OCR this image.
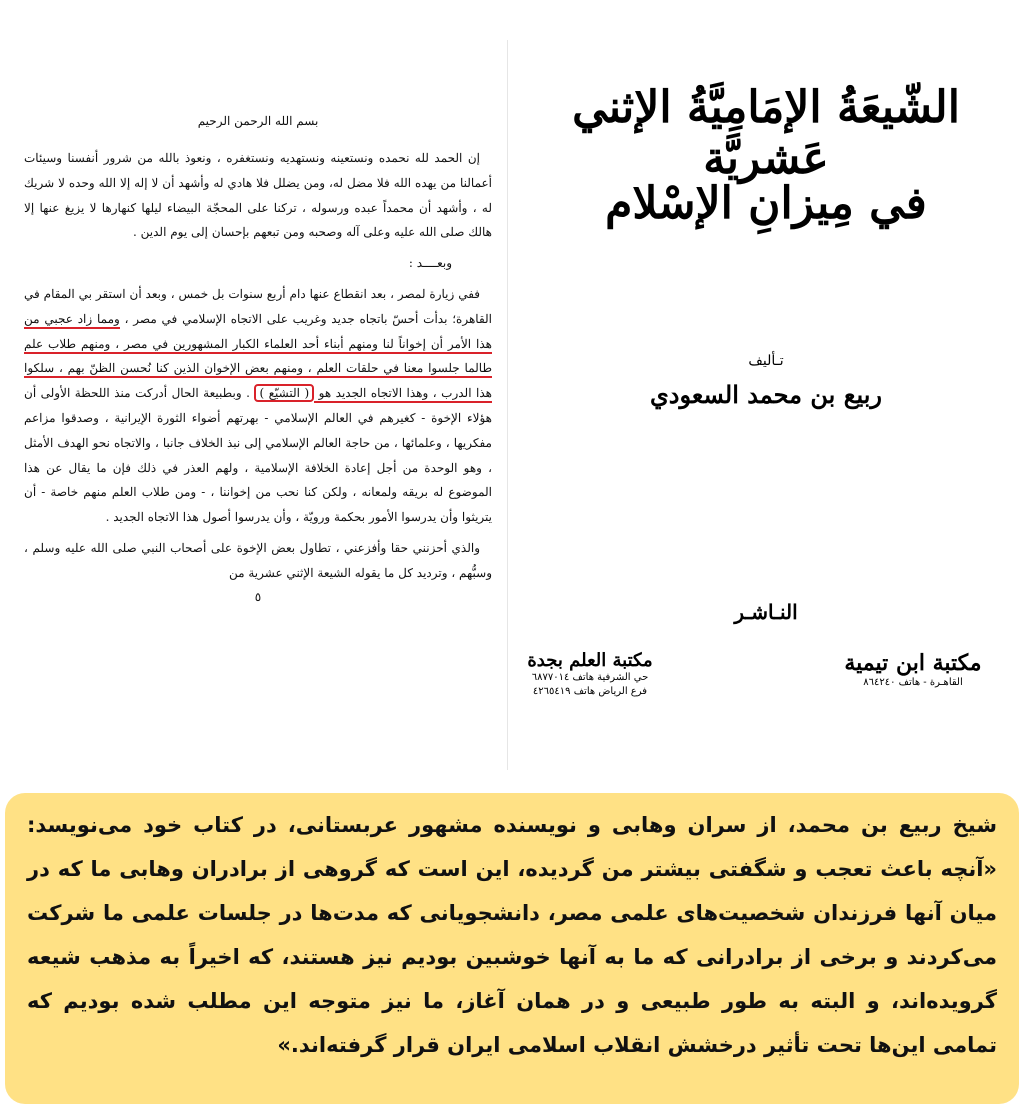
بسم الله الرحمن الرحيم

إن الحمد لله نحمده ونستعينه ونستهديه ونستغفره ، ونعوذ بالله من شرور أنفسنا وسيئات أعمالنا من يهده الله فلا مضل له، ومن يضلل فلا هادي له وأشهد أن لا إله إلا الله وحده لا شريك له ، وأشهد أن محمداً عبده ورسوله ، تركنا على المحجّة البيضاء ليلها كنهارها لا يزيغ عنها إلا هالك صلى الله عليه وعلى آله وصحبه ومن تبعهم بإحسان إلى يوم الدين .

وبعــــد :

ففي زيارة لمصر ، بعد انقطاع عنها دام أربع سنوات بل خمس ، وبعد أن استقر بي المقام في القاهرة؛ بدأت أحسّ باتجاه جديد وغريب على الاتجاه الإسلامي في مصر ، ومما زاد عجبي من هذا الأمر أن إخواناً لنا ومنهم أبناء أحد العلماء الكبار المشهورين في مصر ، ومنهم طلاب علم طالما جلسوا معنا في حلقات العلم ، ومنهم بعض الإخوان الذين كنا نُحسن الظنّ بهم ، سلكوا هذا الدرب ، وهذا الاتجاه الجديد هو ( التشيّع ) . وبطبيعة الحال أدركت منذ اللحظة الأولى أن هؤلاء الإخوة - كغيرهم في العالم الإسلامي - بهرتهم أضواء الثورة الإيرانية ، وصدقوا مزاعم مفكريها ، وعلمائها ، من حاجة العالم الإسلامي إلى نبذ الخلاف جانبا ، والاتجاه نحو الهدف الأمثل ، وهو الوحدة من أجل إعادة الخلافة الإسلامية ، ولهم العذر في ذلك فإن ما يقال عن هذا الموضوع له بريقه ولمعانه ، ولكن كنا نحب من إخواننا ، - ومن طلاب العلم منهم خاصة - أن يتريثوا وأن يدرسوا الأمور بحكمة ورويّة ، وأن يدرسوا أصول هذا الاتجاه الجديد .

والذي أحزنني حقا وأفزعني ، تطاول بعض الإخوة على أصحاب النبي صلى الله عليه وسلم ، وسبُّهم ، وترديد كل ما يقوله الشيعة الإثني عشرية من

٥
الشّيعَةُ الإمَامِيَّةُ الإثني عَشريَّة
في مِيزانِ الإسْلام
تـأليف
ربيع بن محمد السعودي
النـاشـر
مكتبة ابن تيمية
القاهـرة - هاتف ٨٦٤٢٤٠
مكتبة العلم بجدة
حي الشرفية هاتف ٦٨٧٧٠١٤
فرع الرياض هاتف ٤٢٦٥٤١٩

شیخ ربیع بن محمد، از سران وهابی و نویسنده مشهور عربستانی، در کتاب خود می‌نویسد: «آنچه باعث تعجب و شگفتی بیشتر من گردیده، این است که گروهی از برادران وهابی ما که در میان آنها فرزندان شخصیت‌های علمی مصر، دانشجویانی که مدت‌ها در جلسات علمی ما شرکت می‌کردند و برخی از برادرانی که ما به آنها خوشبین بودیم نیز هستند، که اخیراً به مذهب شیعه گرویده‌اند، و البته به طور طبیعی و در همان آغاز، ما نیز متوجه این مطلب شده بودیم که تمامی این‌ها تحت تأثیر درخشش انقلاب اسلامی ایران قرار گرفته‌اند.»
